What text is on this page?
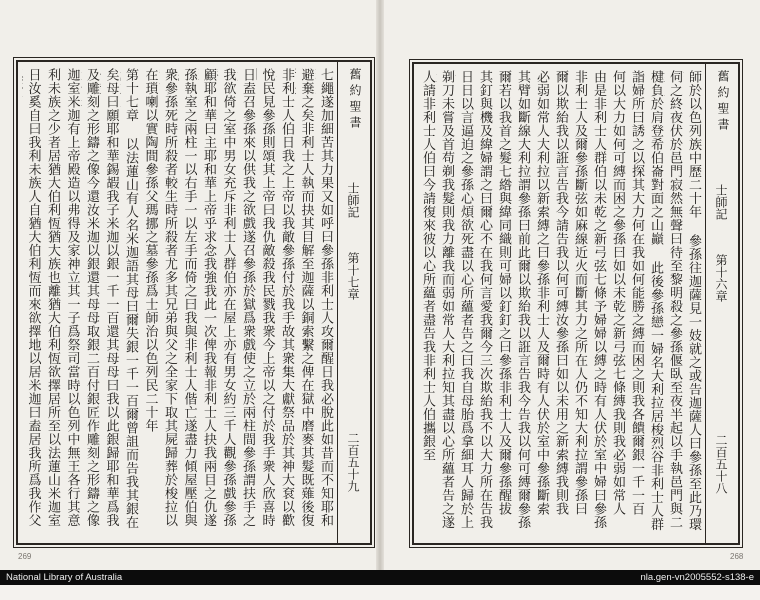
舊約聖書
士師記
第十七章
二百五十九
七繩遂加細苦其力果又如呼曰參孫非利士人攻爾醒日我必脫此如昔而不知耶和
避棄之矣非利士人執而抉其目解至迦薩以銅索繫之俾在獄中磨麥其髮既薙後復
非利士人伯日我之上帝以我敵參孫付於我手故其衆集大獻祭品於其神大袞以歡
悅民見參孫則頌其上帝曰我仇敵殺我民戮我衆今上帝以之付於我手衆人欣喜時
日盍召參孫來以供我之欲戲遂召參孫於獄爲衆戲使之立於兩柱間參孫謂扶手之
我欲倚之室中男女充斥非利士人群伯亦在屋上亦有男女約三千人觀參孫戲參孫
顧耶和華曰主耶和華上帝乎求念我強我此一次俾我報非利士人抉我兩目之仇遂
孫執室之兩柱一以右手一以左手而倚之曰我與非利士人偕亡遂盡力傾屋壓伯與
衆參孫死時所殺者較生時所殺者尤多其兄弟與父之全家下取其屍歸葬於梭拉以
在瑣喇以實陶間參孫父瑪挪之墓參孫爲士師治以色列民二十年
第十七章 以法蓮山有人名米迦語其母曰爾失銀一千一百爾曾詛而告我其銀在
矣母曰願耶和華錫嘏我子米迦以銀一千一百還其母母曰我以此銀歸耶和華爲我
及雕刻之形鑄之像今還汝米迦以銀還其母母取銀二百付銀匠作雕刻之形鑄之像
迦室米迦有上帝殿造以弗得及家神立其一子爲祭司當時以色列中無王各行其意
利未族之少者居猶大伯利恆猶大族也離猶大伯利恆欲擇居所至以法蓮山米迦室
日汝奚自曰我利未族人自猶大伯利恆而來欲擇地以居米迦曰盍居我所爲我作父
269
舊約聖書
士師記
第十六章
二百五十八
師於以色列族中歷二十年 參孫往迦薩見一妓就之或告迦薩人曰參孫至此乃環
伺之終夜伏於邑門寂然無聲曰待至黎明殺之參孫偃臥至夜半起以手執邑門與二
楗負於肩登希伯崙對面之山巓 此後參孫戀一婦名大利拉居梭烈谷非利士人群
詣婦所曰誘之以探其大力何在我如何能勝之縛而困之則我各饋爾銀一千一百
何以大力如何可縛而困之參孫曰如以未乾之新弓弦七條縛我則我必弱如常人
由是非利士人群伯以未乾之新弓弦七條予婦婦以縛之時有人伏於室中婦曰參孫
非利士人及爾參孫斷弦如麻線近火而斷其力之所在人仍不知大利拉謂參孫曰
爾以欺紿我以誑言告我今請告我以何可縛汝參孫曰如以未用之新索縛我則我
必弱如常人大利拉以新索縛之曰參孫非利士人及爾時有人伏於室中參孫斷索
其臂如斷線大利拉謂參孫曰前此爾以欺紿我以誑言告我今告我以何可縛爾參孫
爾若以我首之髮七綹與緯同織則可婦以釘釘之曰參孫非利士人及爾參孫醒拔
其釘與機及緯婦謂之曰爾心不在我何言愛我爾今三次欺紿我不以大力所在告我
日日以言逼迫之參孫心煩欲死盡以心所蘊者告之曰我自母胎爲拿細耳人歸於上
剃刀未嘗及首苟剃我髮則我力離我而弱如常人大利拉知其盡以心所蘊者告之遂
人請非利士人伯曰今請復來彼以心所蘊者盡告我非利士人伯攜銀至
268
National Library of Australia	nla.gen-vn2005552-s138-e
